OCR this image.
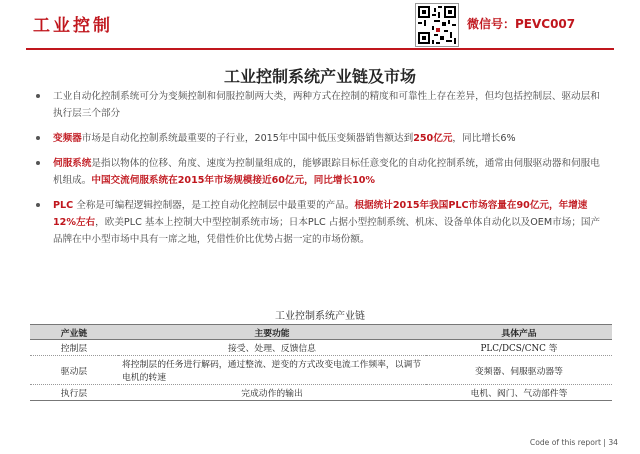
工业控制	微信号：PEVC007
工业控制系统产业链及市场
工业自动化控制系统可分为变频控制和伺服控制两大类，两种方式在控制的精度和可靠性上存在差异，但均包括控制层、驱动层和执行层三个部分
变频器市场是自动化控制系统最重要的子行业，2015年中国中低压变频器销售额达到250亿元，同比增长6%
伺服系统是指以物体的位移、角度、速度为控制量组成的，能够跟踪目标任意变化的自动化控制系统，通常由伺服驱动器和伺服电机组成。中国交流伺服系统在2015年市场规模接近60亿元，同比增长10%
PLC 全称是可编程逻辑控制器，是工控自动化控制层中最重要的产品。根据统计2015年我国PLC市场容量在90亿元，年增速12%左右，欧美PLC 基本上控制大中型控制系统市场；日本PLC 占据小型控制系统、机床、设备单体自动化以及OEM市场；国产品牌在中小型市场中具有一席之地，凭借性价比优势占据一定的市场份额。
工业控制系统产业链
产业链	主要功能	具体产品
控制层	接受、处理、反馈信息	PLC/DCS/CNC 等
驱动层	将控制层的任务进行解码，通过整流、逆变的方式改变电流工作频率，以调节电机的转速	变频器、伺服驱动器等
执行层	完成动作的输出	电机、阀门、气动部件等
Code of this report | 34
